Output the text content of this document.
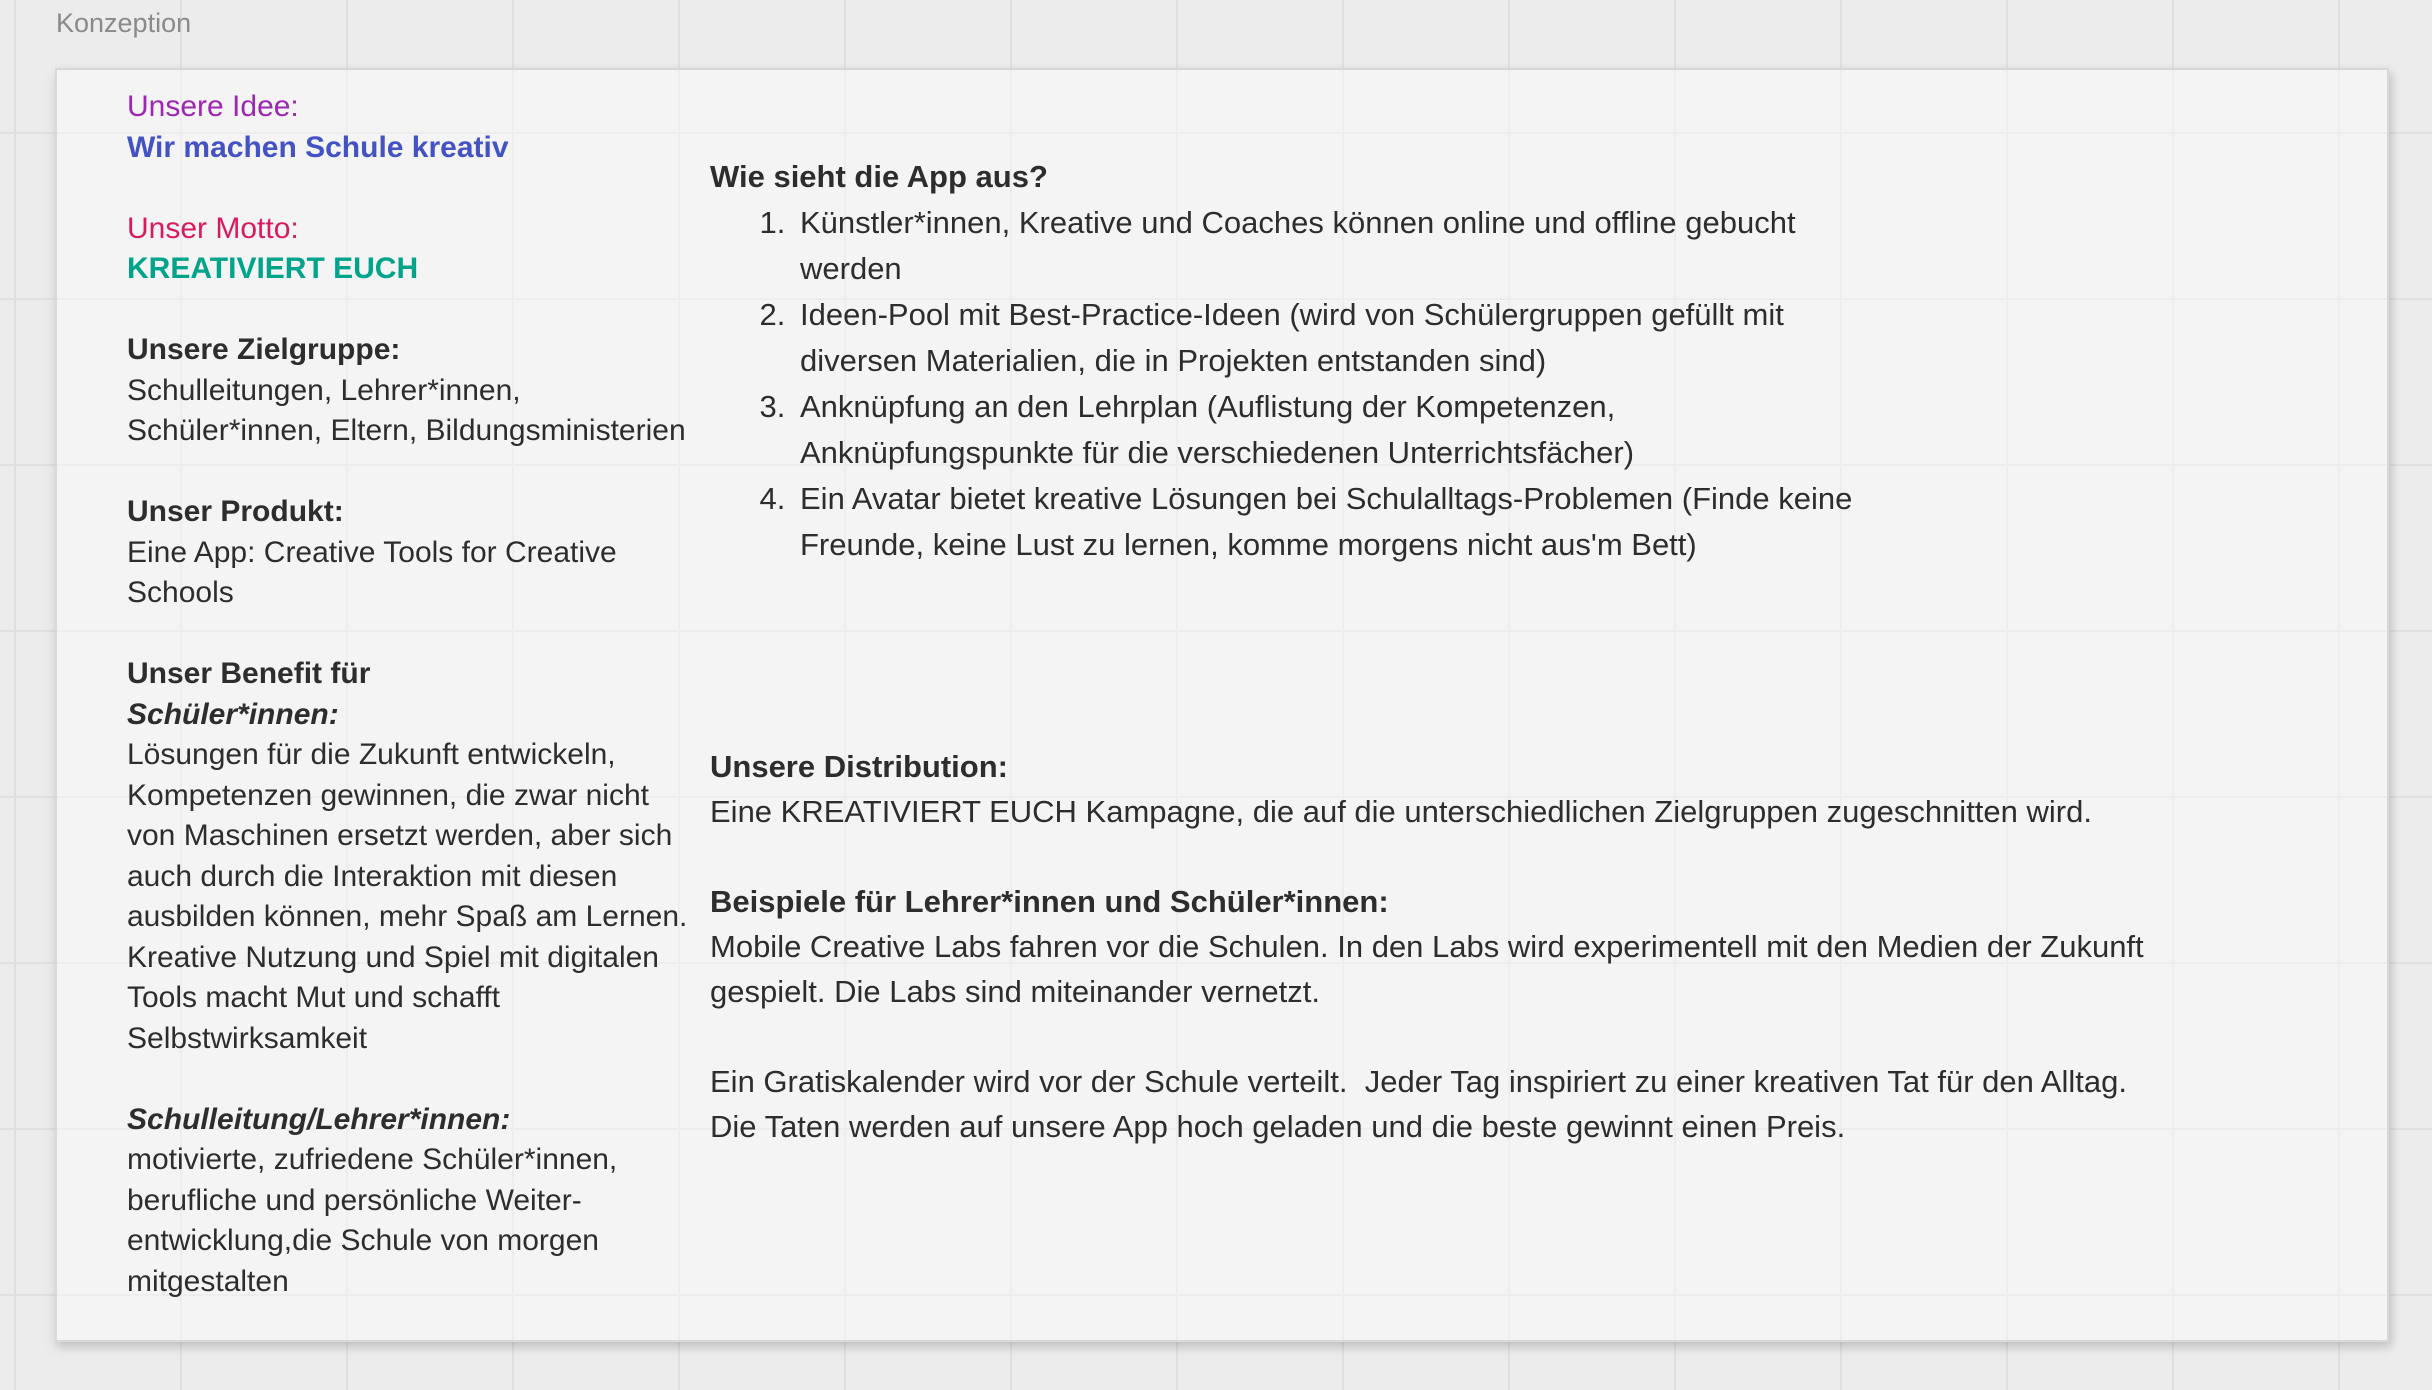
Konzeption
Unsere Idee:
Wir machen Schule kreativ
Unser Motto:
KREATIVIERT EUCH
Unsere Zielgruppe:
Schulleitungen, Lehrer*innen,
Schüler*innen, Eltern, Bildungsministerien
Unser Produkt:
Eine App: Creative Tools for Creative
Schools
Unser Benefit für
Schüler*innen:
Lösungen für die Zukunft entwickeln,
Kompetenzen gewinnen, die zwar nicht
von Maschinen ersetzt werden, aber sich
auch durch die Interaktion mit diesen
ausbilden können, mehr Spaß am Lernen.
Kreative Nutzung und Spiel mit digitalen
Tools macht Mut und schafft
Selbstwirksamkeit
Schulleitung/Lehrer*innen:
motivierte, zufriedene Schüler*innen,
berufliche und persönliche Weiter-
entwicklung,die Schule von morgen
mitgestalten
Wie sieht die App aus?
1. Künstler*innen, Kreative und Coaches können online und offline gebucht
werden
2. Ideen-Pool mit Best-Practice-Ideen (wird von Schülergruppen gefüllt mit
diversen Materialien, die in Projekten entstanden sind)
3. Anknüpfung an den Lehrplan (Auflistung der Kompetenzen,
Anknüpfungspunkte für die verschiedenen Unterrichtsfächer)
4. Ein Avatar bietet kreative Lösungen bei Schulalltags-Problemen (Finde keine
Freunde, keine Lust zu lernen, komme morgens nicht aus'm Bett)
Unsere Distribution:
Eine KREATIVIERT EUCH Kampagne, die auf die unterschiedlichen Zielgruppen zugeschnitten wird.
Beispiele für Lehrer*innen und Schüler*innen:
Mobile Creative Labs fahren vor die Schulen. In den Labs wird experimentell mit den Medien der Zukunft
gespielt. Die Labs sind miteinander vernetzt.
Ein Gratiskalender wird vor der Schule verteilt.  Jeder Tag inspiriert zu einer kreativen Tat für den Alltag.
Die Taten werden auf unsere App hoch geladen und die beste gewinnt einen Preis.
